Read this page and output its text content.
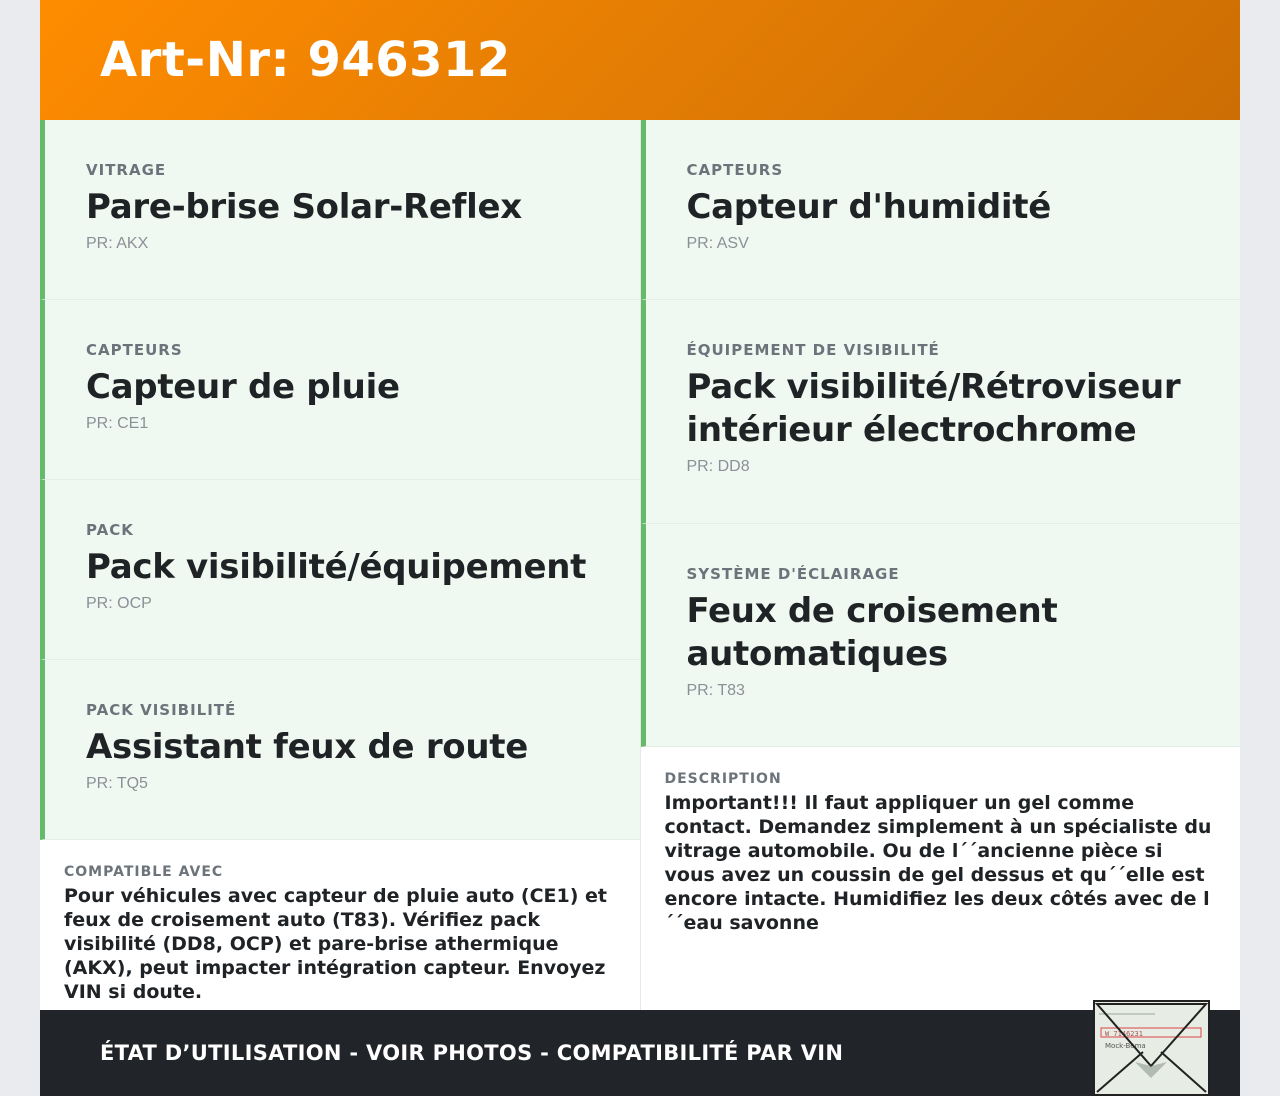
Art-Nr: 946312

VITRAGE

Pare-brise Solar-Reflex

PR: AKX

CAPTEURS

Capteur de pluie

PR: CE1

PACK

Pack visibilité/équipement

PR: OCP

PACK VISIBILITÉ

Assistant feux de route

PR: TQ5

COMPATIBLE AVEC

Pour véhicules avec capteur de pluie auto (CE1) et feux de croisement auto (T83). Vérifiez pack visibilité (DD8, OCP) et pare-brise athermique (AKX), peut impacter intégration capteur. Envoyez VIN si doute.

CAPTEURS

Capteur d'humidité

PR: ASV

ÉQUIPEMENT DE VISIBILITÉ

Pack visibilité/Rétroviseur intérieur électrochrome

PR: DD8

SYSTÈME D'ÉCLAIRAGE

Feux de croisement automatiques

PR: T83

DESCRIPTION

Important!!! Il faut appliquer un gel comme contact. Demandez simplement à un spécialiste du vitrage automobile. Ou de l´´ancienne pièce si vous avez un coussin de gel dessus et qu´´elle est encore intacte. Humidifiez les deux côtés avec de l´´eau savonne

ÉTAT D’UTILISATION - VOIR PHOTOS - COMPATIBILITÉ PAR VIN
W 7146231
Mock-Bema
